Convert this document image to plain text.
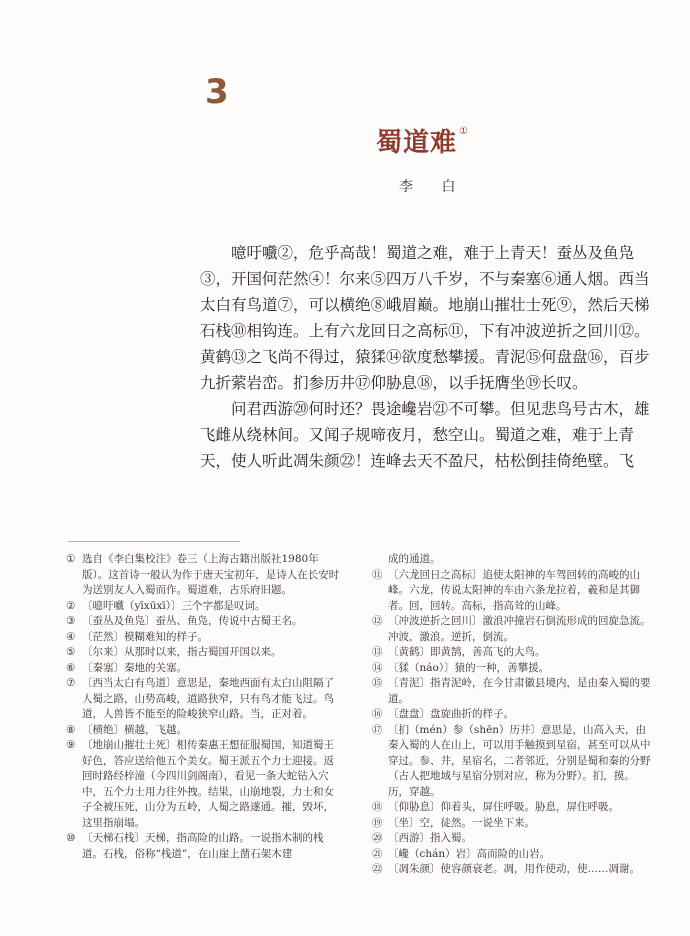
3
蜀道难 ①
李 白

噫吁嚱②，危乎高哉！蜀道之难，难于上青天！蚕丛及鱼凫③，开国何茫然④！尔来⑤四万八千岁，不与秦塞⑥通人烟。西当太白有鸟道⑦，可以横绝⑧峨眉巅。地崩山摧壮士死⑨，然后天梯石栈⑩相钩连。上有六龙回日之高标⑪，下有冲波逆折之回川⑫。黄鹤⑬之飞尚不得过，猿猱⑭欲度愁攀援。青泥⑮何盘盘⑯，百步九折萦岩峦。扪参历井⑰仰胁息⑱，以手抚膺坐⑲长叹。

问君西游⑳何时还？畏途巉岩㉑不可攀。但见悲鸟号古木，雄飞雌从绕林间。又闻子规啼夜月，愁空山。蜀道之难，难于上青天，使人听此凋朱颜㉒！连峰去天不盈尺，枯松倒挂倚绝壁。飞

① 选自《李白集校注》卷三（上海古籍出版社1980年版）。这首诗一般认为作于唐天宝初年，是诗人在长安时为送别友人入蜀而作。蜀道难，古乐府旧题。
② 〔噫吁嚱（yīxūxī）〕三个字都是叹词。
③ 〔蚕丛及鱼凫〕蚕丛、鱼凫，传说中古蜀王名。
④ 〔茫然〕模糊难知的样子。
⑤ 〔尔来〕从那时以来，指古蜀国开国以来。
⑥ 〔秦塞〕秦地的关塞。
⑦ 〔西当太白有鸟道〕意思是，秦地西面有太白山阻隔了人蜀之路，山势高峻，道路狭窄，只有鸟才能飞过。鸟道，人兽皆不能至的险峻狭窄山路。当，正对着。
⑧ 〔横绝〕横越，飞越。
⑨ 〔地崩山摧壮士死〕相传秦惠王想征服蜀国，知道蜀王好色，答应送给他五个美女。蜀王派五个力士迎接。返回时路经梓潼（今四川剑阁南），看见一条大蛇钻入穴中，五个力士用力往外拽。结果，山崩地裂，力士和女子全被压死，山分为五岭，人蜀之路遂通。摧，毁坏，这里指崩塌。
⑩ 〔天梯石栈〕天梯，指高险的山路。一说指木制的栈道。石栈，俗称“栈道”，在山崖上凿石架木建
成的通道。
⑪ 〔六龙回日之高标〕追使太阳神的车驾回转的高峻的山峰。六龙，传说太阳神的车由六条龙拉着，羲和是其御者。回，回转。高标，指高耸的山峰。
⑫ 〔冲波逆折之回川〕激浪冲撞岩石倒流形成的回旋急流。冲波，激浪。逆折，倒流。
⑬ 〔黄鹤〕即黄鹄，善高飞的大鸟。
⑭ 〔猱（náo）〕猿的一种，善攀援。
⑮ 〔青泥〕指青泥岭，在今甘肃徽县境内，是由秦入蜀的要道。
⑯ 〔盘盘〕盘旋曲折的样子。
⑰ 〔扪（mén）参（shēn）历井〕意思是，山高入天，由秦入蜀的人在山上，可以用手触摸到星宿，甚至可以从中穿过。参、井，星宿名，二者邻近，分别是蜀和秦的分野（古人把地域与星宿分别对应，称为分野）。扪，摸。历，穿越。
⑱ 〔仰胁息〕仰着头，屏住呼吸。胁息，屏住呼吸。
⑲ 〔坐〕空，徒然。一说坐下来。
⑳ 〔西游〕指入蜀。
㉑ 〔巉（chán）岩〕高而险的山岩。
㉒ 〔凋朱颜〕使容颜衰老。凋，用作使动，使……凋谢。
